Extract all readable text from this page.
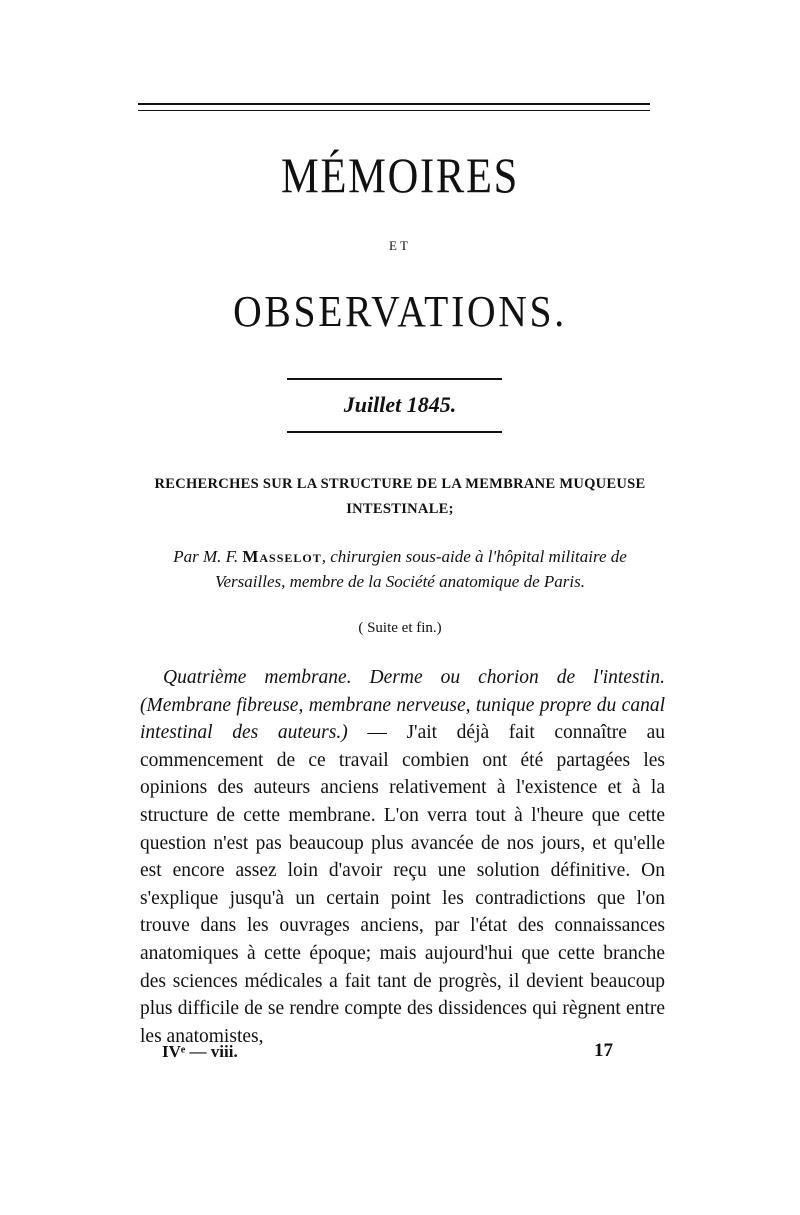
MÉMOIRES
ET
OBSERVATIONS.
Juillet 1845.
RECHERCHES SUR LA STRUCTURE DE LA MEMBRANE MUQUEUSE INTESTINALE;
Par M. F. Masselot, chirurgien sous-aide à l'hôpital militaire de Versailles, membre de la Société anatomique de Paris.
( Suite et fin.)

Quatrième membrane. Derme ou chorion de l'intestin. (Membrane fibreuse, membrane nerveuse, tunique propre du canal intestinal des auteurs.) — J'ait déjà fait connaître au commencement de ce travail combien ont été partagées les opinions des auteurs anciens relativement à l'existence et à la structure de cette membrane. L'on verra tout à l'heure que cette question n'est pas beaucoup plus avancée de nos jours, et qu'elle est encore assez loin d'avoir reçu une solution définitive. On s'explique jusqu'à un certain point les contradictions que l'on trouve dans les ouvrages anciens, par l'état des connaissances anatomiques à cette époque; mais aujourd'hui que cette branche des sciences médicales a fait tant de progrès, il devient beaucoup plus difficile de se rendre compte des dissidences qui règnent entre les anatomistes,

IVᵉ — viii.	17
